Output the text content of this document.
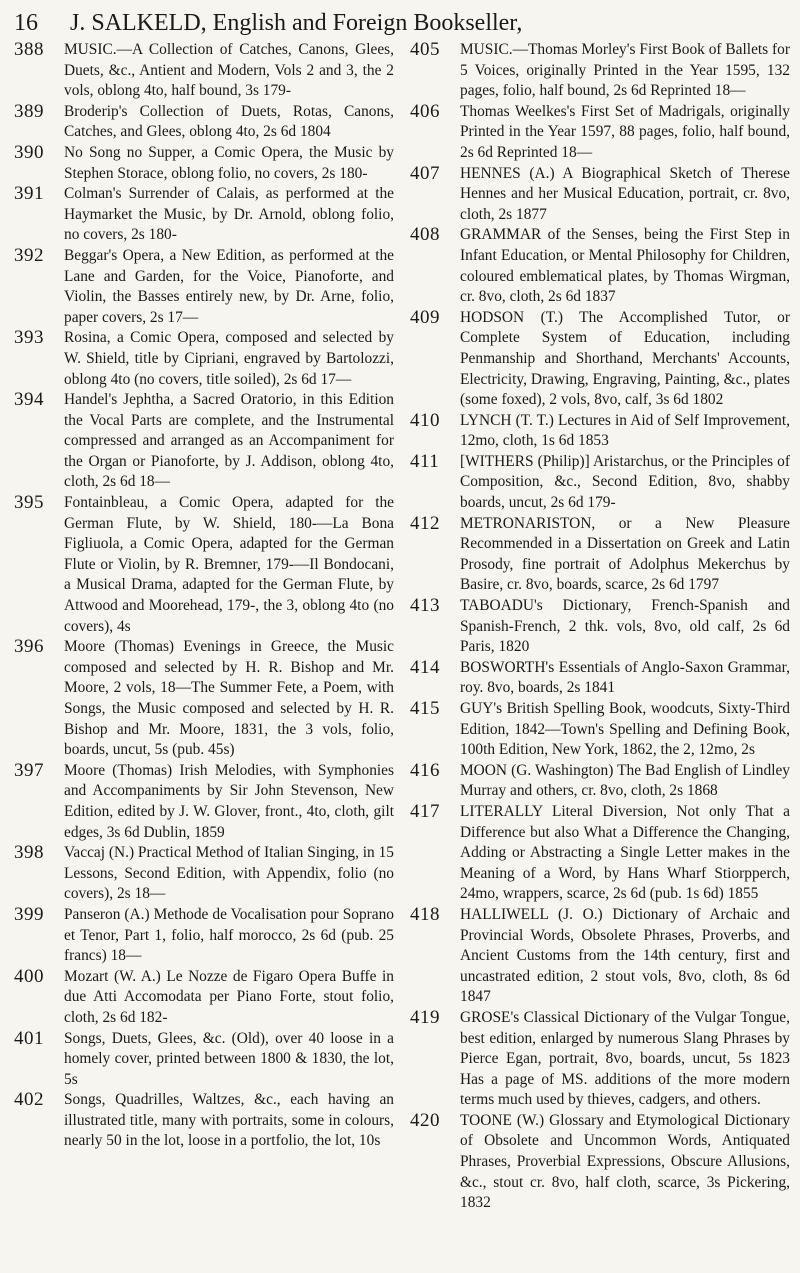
16 J. SALKELD, English and Foreign Bookseller,
388	MUSIC.—A Collection of Catches, Canons, Glees, Duets, &c., Antient and Modern, Vols 2 and 3, the 2 vols, oblong 4to, half bound, 3s 179-
389	Broderip's Collection of Duets, Rotas, Canons, Catches, and Glees, oblong 4to, 2s 6d 1804
390	No Song no Supper, a Comic Opera, the Music by Stephen Storace, oblong folio, no covers, 2s 180-
391	Colman's Surrender of Calais, as performed at the Haymarket the Music, by Dr. Arnold, oblong folio, no covers, 2s 180-
392	Beggar's Opera, a New Edition, as performed at the Lane and Garden, for the Voice, Pianoforte, and Violin, the Basses entirely new, by Dr. Arne, folio, paper covers, 2s 17—
393	Rosina, a Comic Opera, composed and selected by W. Shield, title by Cipriani, engraved by Bartolozzi, oblong 4to (no covers, title soiled), 2s 6d 17—
394	Handel's Jephtha, a Sacred Oratorio, in this Edition the Vocal Parts are complete, and the Instrumental compressed and arranged as an Accompaniment for the Organ or Pianoforte, by J. Addison, oblong 4to, cloth, 2s 6d 18—
395	Fontainbleau, a Comic Opera, adapted for the German Flute, by W. Shield, 180-—La Bona Figliuola, a Comic Opera, adapted for the German Flute or Violin, by R. Bremner, 179-—Il Bondocani, a Musical Drama, adapted for the German Flute, by Attwood and Moorehead, 179-, the 3, oblong 4to (no covers), 4s
396	Moore (Thomas) Evenings in Greece, the Music composed and selected by H. R. Bishop and Mr. Moore, 2 vols, 18—The Summer Fete, a Poem, with Songs, the Music composed and selected by H. R. Bishop and Mr. Moore, 1831, the 3 vols, folio, boards, uncut, 5s (pub. 45s)
397	Moore (Thomas) Irish Melodies, with Symphonies and Accompaniments by Sir John Stevenson, New Edition, edited by J. W. Glover, front., 4to, cloth, gilt edges, 3s 6d Dublin, 1859
398	Vaccaj (N.) Practical Method of Italian Singing, in 15 Lessons, Second Edition, with Appendix, folio (no covers), 2s 18—
399	Panseron (A.) Methode de Vocalisation pour Soprano et Tenor, Part 1, folio, half morocco, 2s 6d (pub. 25 francs) 18—
400	Mozart (W. A.) Le Nozze de Figaro Opera Buffe in due Atti Accomodata per Piano Forte, stout folio, cloth, 2s 6d 182-
401	Songs, Duets, Glees, &c. (Old), over 40 loose in a homely cover, printed between 1800 & 1830, the lot, 5s
402	Songs, Quadrilles, Waltzes, &c., each having an illustrated title, many with portraits, some in colours, nearly 50 in the lot, loose in a portfolio, the lot, 10s
405	MUSIC.—Thomas Morley's First Book of Ballets for 5 Voices, originally Printed in the Year 1595, 132 pages, folio, half bound, 2s 6d Reprinted 18—
406	Thomas Weelkes's First Set of Madrigals, originally Printed in the Year 1597, 88 pages, folio, half bound, 2s 6d Reprinted 18—
407	HENNES (A.) A Biographical Sketch of Therese Hennes and her Musical Education, portrait, cr. 8vo, cloth, 2s 1877
408	GRAMMAR of the Senses, being the First Step in Infant Education, or Mental Philosophy for Children, coloured emblematical plates, by Thomas Wirgman, cr. 8vo, cloth, 2s 6d 1837
409	HODSON (T.) The Accomplished Tutor, or Complete System of Education, including Penmanship and Shorthand, Merchants' Accounts, Electricity, Drawing, Engraving, Painting, &c., plates (some foxed), 2 vols, 8vo, calf, 3s 6d 1802
410	LYNCH (T. T.) Lectures in Aid of Self Improvement, 12mo, cloth, 1s 6d 1853
411	[WITHERS (Philip)] Aristarchus, or the Principles of Composition, &c., Second Edition, 8vo, shabby boards, uncut, 2s 6d 179-
412	METRONARISTON, or a New Pleasure Recommended in a Dissertation on Greek and Latin Prosody, fine portrait of Adolphus Mekerchus by Basire, cr. 8vo, boards, scarce, 2s 6d 1797
413	TABOADU's Dictionary, French-Spanish and Spanish-French, 2 thk. vols, 8vo, old calf, 2s 6d Paris, 1820
414	BOSWORTH's Essentials of Anglo-Saxon Grammar, roy. 8vo, boards, 2s 1841
415	GUY's British Spelling Book, woodcuts, Sixty-Third Edition, 1842—Town's Spelling and Defining Book, 100th Edition, New York, 1862, the 2, 12mo, 2s
416	MOON (G. Washington) The Bad English of Lindley Murray and others, cr. 8vo, cloth, 2s 1868
417	LITERALLY Literal Diversion, Not only That a Difference but also What a Difference the Changing, Adding or Abstracting a Single Letter makes in the Meaning of a Word, by Hans Wharf Stiorpperch, 24mo, wrappers, scarce, 2s 6d (pub. 1s 6d) 1855
418	HALLIWELL (J. O.) Dictionary of Archaic and Provincial Words, Obsolete Phrases, Proverbs, and Ancient Customs from the 14th century, first and uncastrated edition, 2 stout vols, 8vo, cloth, 8s 6d 1847
419	GROSE's Classical Dictionary of the Vulgar Tongue, best edition, enlarged by numerous Slang Phrases by Pierce Egan, portrait, 8vo, boards, uncut, 5s 1823 Has a page of MS. additions of the more modern terms much used by thieves, cadgers, and others.
420	TOONE (W.) Glossary and Etymological Dictionary of Obsolete and Uncommon Words, Antiquated Phrases, Proverbial Expressions, Obscure Allusions, &c., stout cr. 8vo, half cloth, scarce, 3s Pickering, 1832
